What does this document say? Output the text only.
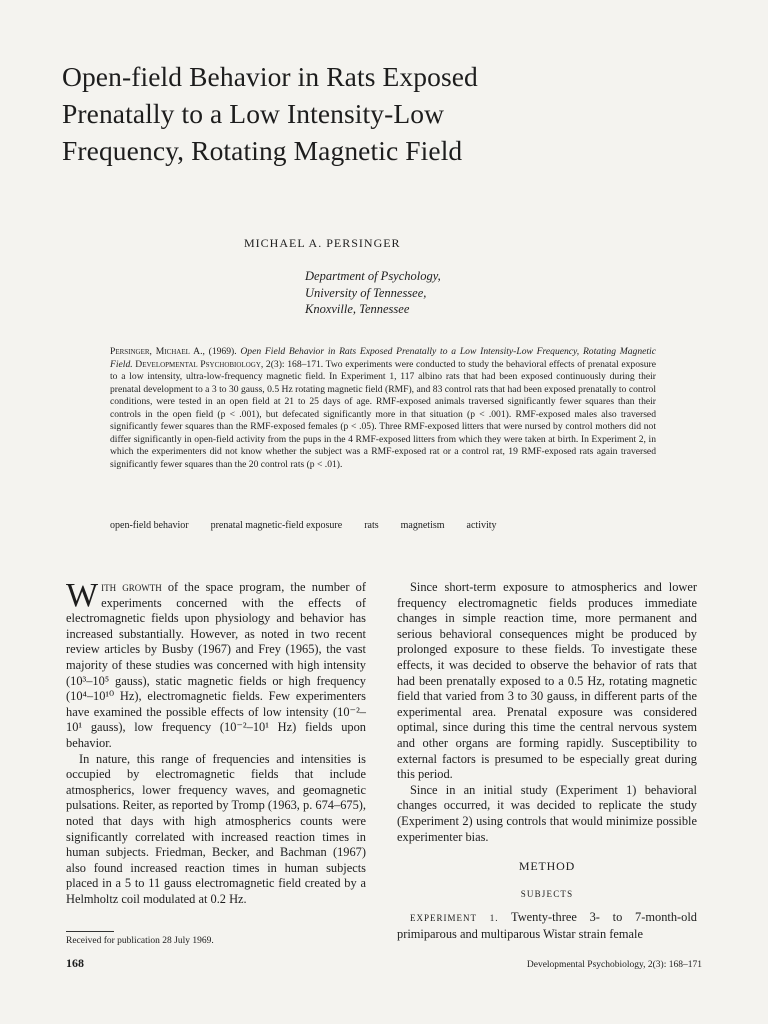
Open-field Behavior in Rats Exposed
Prenatally to a Low Intensity-Low
Frequency, Rotating Magnetic Field
MICHAEL A. PERSINGER
Department of Psychology,
University of Tennessee,
Knoxville, Tennessee
Persinger, Michael A., (1969). Open Field Behavior in Rats Exposed Prenatally to a Low Intensity-Low Frequency, Rotating Magnetic Field. Developmental Psychobiology, 2(3): 168–171. Two experiments were conducted to study the behavioral effects of prenatal exposure to a low intensity, ultra-low-frequency magnetic field. In Experiment 1, 117 albino rats that had been exposed continuously during their prenatal development to a 3 to 30 gauss, 0.5 Hz rotating magnetic field (RMF), and 83 control rats that had been exposed prenatally to control conditions, were tested in an open field at 21 to 25 days of age. RMF-exposed animals traversed significantly fewer squares than their controls in the open field (p < .001), but defecated significantly more in that situation (p < .001). RMF-exposed males also traversed significantly fewer squares than the RMF-exposed females (p < .05). Three RMF-exposed litters that were nursed by control mothers did not differ significantly in open-field activity from the pups in the 4 RMF-exposed litters from which they were taken at birth. In Experiment 2, in which the experimenters did not know whether the subject was a RMF-exposed rat or a control rat, 19 RMF-exposed rats again traversed significantly fewer squares than the 20 control rats (p < .01).
open-field behavior prenatal magnetic-field exposure rats magnetism activity

With growth of the space program, the number of experiments concerned with the effects of electromagnetic fields upon physiology and behavior has increased substantially. However, as noted in two recent review articles by Busby (1967) and Frey (1965), the vast majority of these studies was concerned with high intensity (10³–10⁵ gauss), static magnetic fields or high frequency (10⁴–10¹⁰ Hz), electromagnetic fields. Few experimenters have examined the possible effects of low intensity (10⁻²–10¹ gauss), low frequency (10⁻²–10¹ Hz) fields upon behavior.

In nature, this range of frequencies and intensities is occupied by electromagnetic fields that include atmospherics, lower frequency waves, and geomagnetic pulsations. Reiter, as reported by Tromp (1963, p. 674–675), noted that days with high atmospherics counts were significantly correlated with increased reaction times in human subjects. Friedman, Becker, and Bachman (1967) also found increased reaction times in human subjects placed in a 5 to 11 gauss electromagnetic field created by a Helmholtz coil modulated at 0.2 Hz.

Since short-term exposure to atmospherics and lower frequency electromagnetic fields produces immediate changes in simple reaction time, more permanent and serious behavioral consequences might be produced by prolonged exposure to these fields. To investigate these effects, it was decided to observe the behavior of rats that had been prenatally exposed to a 0.5 Hz, rotating magnetic field that varied from 3 to 30 gauss, in different parts of the experimental area. Prenatal exposure was considered optimal, since during this time the central nervous system and other organs are forming rapidly. Susceptibility to external factors is presumed to be especially great during this period.

Since in an initial study (Experiment 1) behavioral changes occurred, it was decided to replicate the study (Experiment 2) using controls that would minimize possible experimenter bias.

METHOD
SUBJECTS

EXPERIMENT 1. Twenty-three 3- to 7-month-old primiparous and multiparous Wistar strain female

Received for publication 28 July 1969.
168	Developmental Psychobiology, 2(3): 168–171
